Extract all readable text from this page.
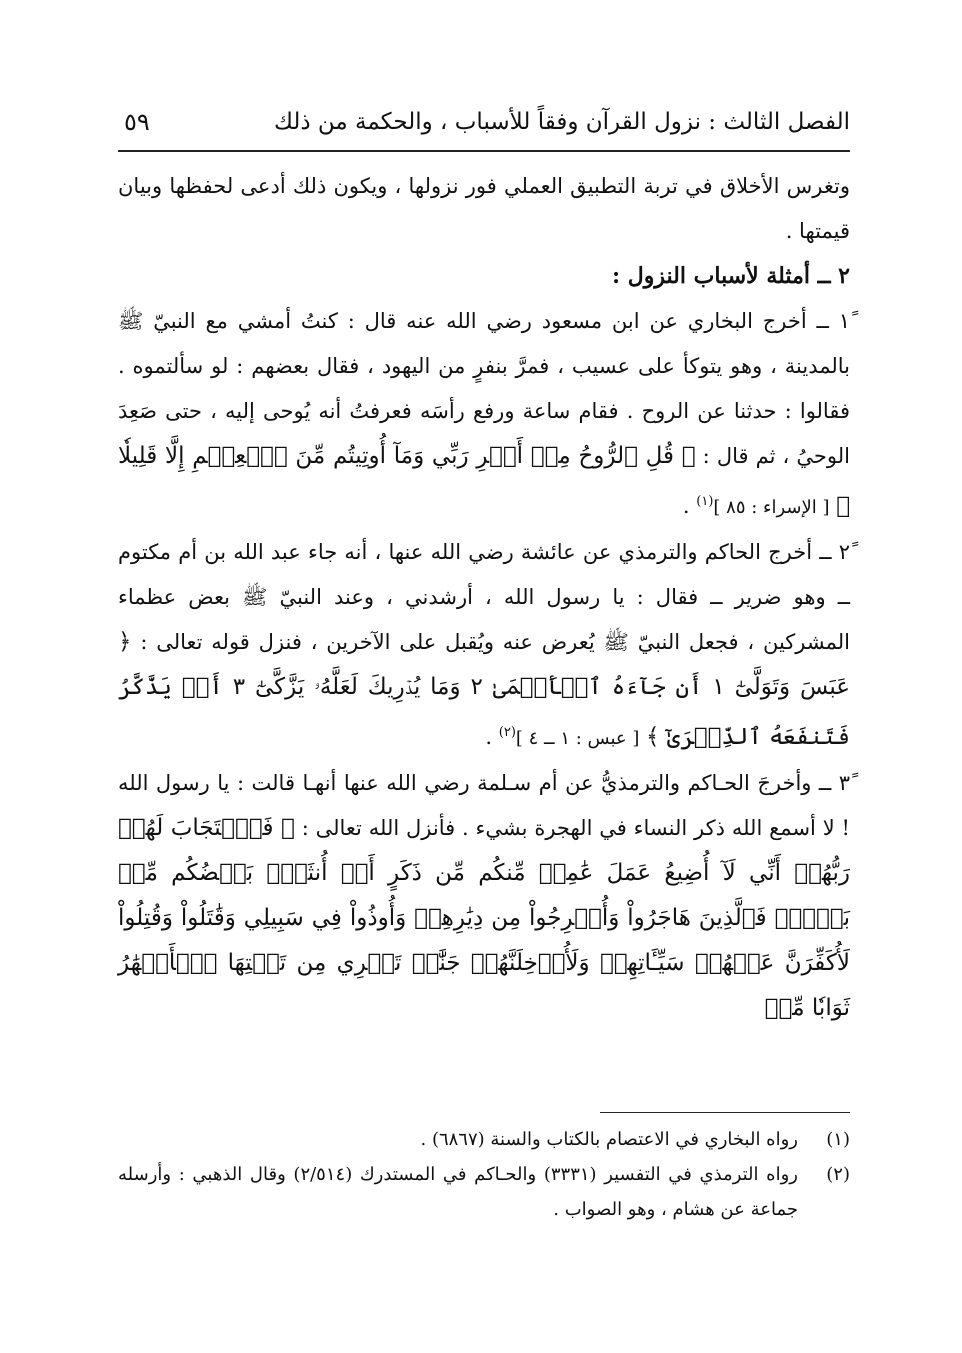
الفصل الثالث : نزول القرآن وفقاً للأسباب ، والحكمة من ذلك
٥٩

وتغرس الأخلاق في تربة التطبيق العملي فور نزولها ، ويكون ذلك أدعى لحفظها وبيان قيمتها .

٢ ــ أمثلة لأسباب النزول :

١ً ــ أخرج البخاري عن ابن مسعود رضي الله عنه قال : كنتُ أمشي مع النبيّ ﷺ بالمدينة ، وهو يتوكأ على عسيب ، فمرَّ بنفرٍ من اليهود ، فقال بعضهم : لو سألتموه . فقالوا : حدثنا عن الروح . فقام ساعة ورفع رأسَه فعرفتُ أنه يُوحى إليه ، حتى صَعِدَ الوحيُ ، ثم قال : ﴿ قُلِ ٱلرُّوحُ مِنۡ أَمۡرِ رَبِّي وَمَآ أُوتِيتُم مِّنَ ٱلۡعِلۡمِ إِلَّا قَلِيلٗا ﴾ [ الإسراء : ٨٥ ]$^{(١)}$ .

٢ً ــ أخرج الحاكم والترمذي عن عائشة رضي الله عنها ، أنه جاء عبد الله بن أم مكتوم ــ وهو ضرير ــ فقال : يا رسول الله ، أرشدني ، وعند النبيّ ﷺ بعض عظماء المشركين ، فجعل النبيّ ﷺ يُعرض عنه ويُقبل على الآخرين ، فنزل قوله تعالى : ﴿ عَبَسَ وَتَوَلَّىٰٓ ١ أَن جَآءَهُ ٱلۡأَعۡمَىٰ ٢ وَمَا يُدۡرِيكَ لَعَلَّهُۥ يَزَّكَّىٰٓ ٣ أَوۡ يَذَّكَّرُ فَتَنفَعَهُ ٱلذِّكۡرَىٰٓ ﴾ [ عبس : ١ ــ ٤ ]$^{(٢)}$ .

٣ً ــ وأخرجَ الحـاكم والترمذيُّ عن أم سـلمة رضي الله عنها أنهـا قالت : يا رسول الله ! لا أسمع الله ذكر النساء في الهجرة بشيء . فأنزل الله تعالى : ﴿ فَٱسۡتَجَابَ لَهُمۡ رَبُّهُمۡ أَنِّي لَآ أُضِيعُ عَمَلَ عَٰمِلٖ مِّنكُم مِّن ذَكَرٍ أَوۡ أُنثَىٰۖ بَعۡضُكُم مِّنۢ بَعۡضٖۖ فَٱلَّذِينَ هَاجَرُواْ وَأُخۡرِجُواْ مِن دِيَٰرِهِمۡ وَأُوذُواْ فِي سَبِيلِي وَقَٰتَلُواْ وَقُتِلُواْ لَأُكَفِّرَنَّ عَنۡهُمۡ سَيِّـَٔاتِهِمۡ وَلَأُدۡخِلَنَّهُمۡ جَنَّٰتٖ تَجۡرِي مِن تَحۡتِهَا ٱلۡأَنۡهَٰرُ ثَوَابٗا مِّنۡ

(١)
رواه البخاري في الاعتصام بالكتاب والسنة (٦٨٦٧) .
(٢)
رواه الترمذي في التفسير (٣٣٣١) والحـاكم في المستدرك (٢/٥١٤) وقال الذهبي : وأرسله جماعة عن هشام ، وهو الصواب .
